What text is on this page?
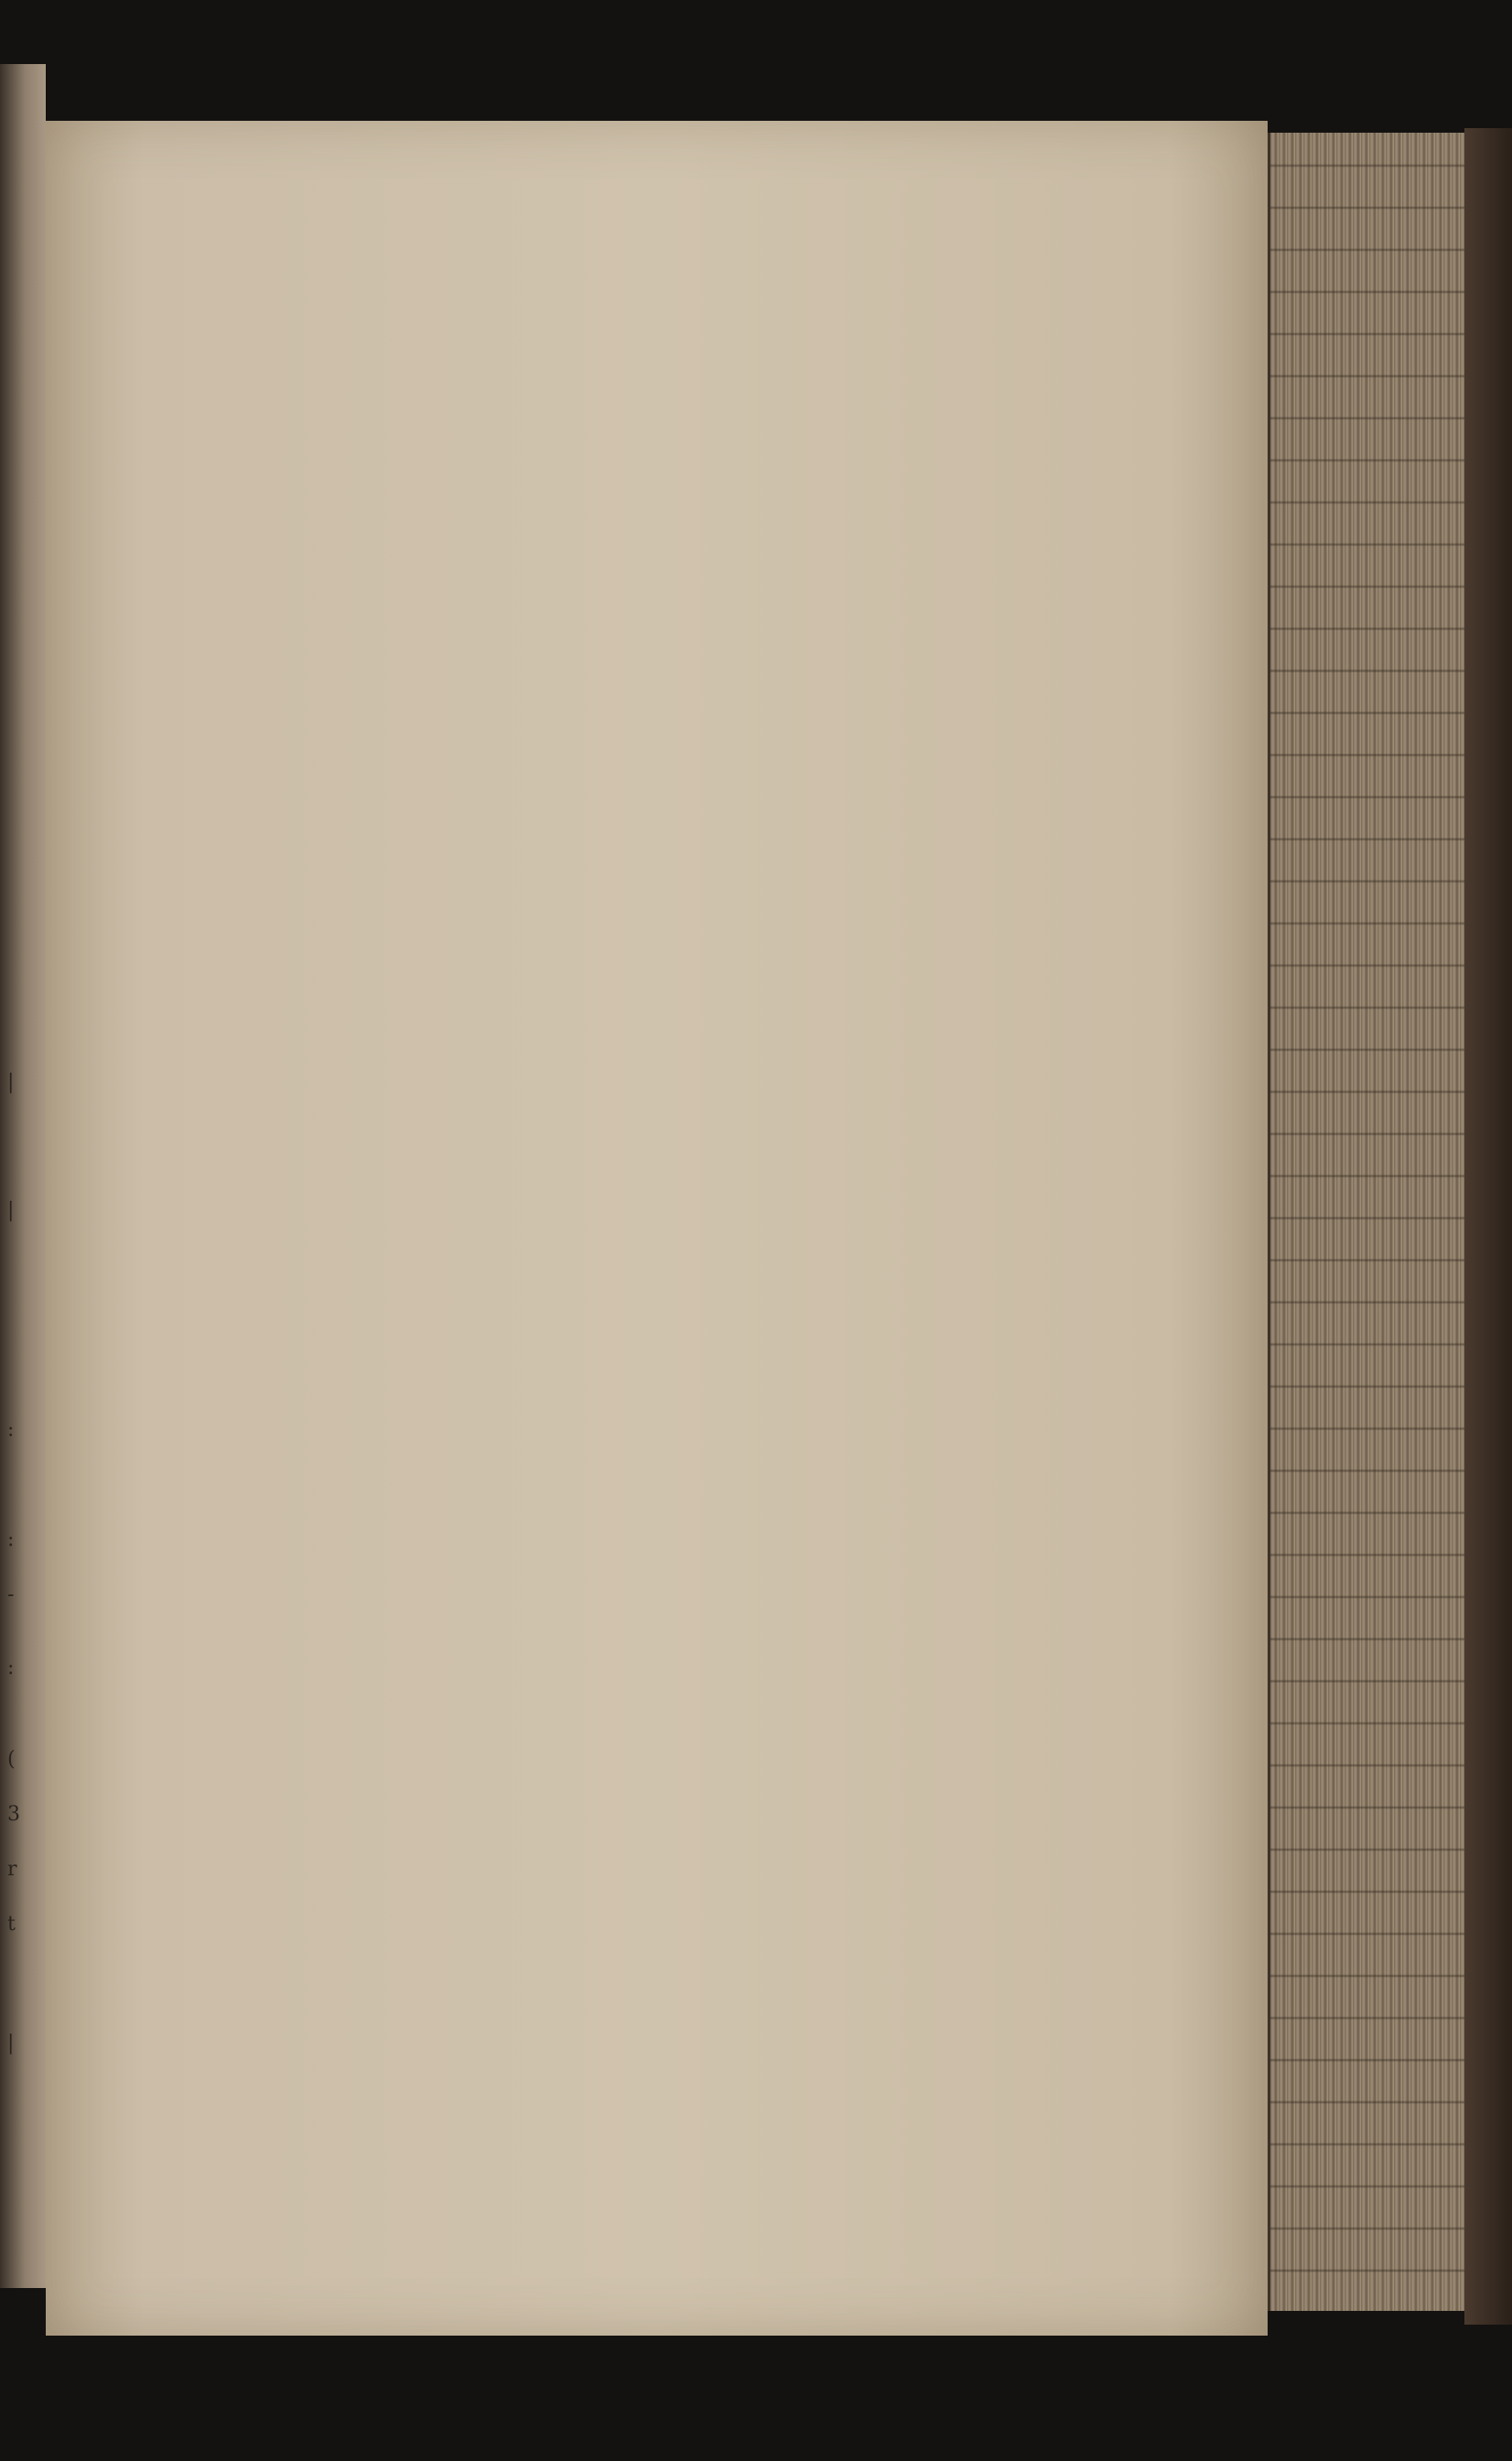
|
|
:
:
-
:
(
3
r
t
|
